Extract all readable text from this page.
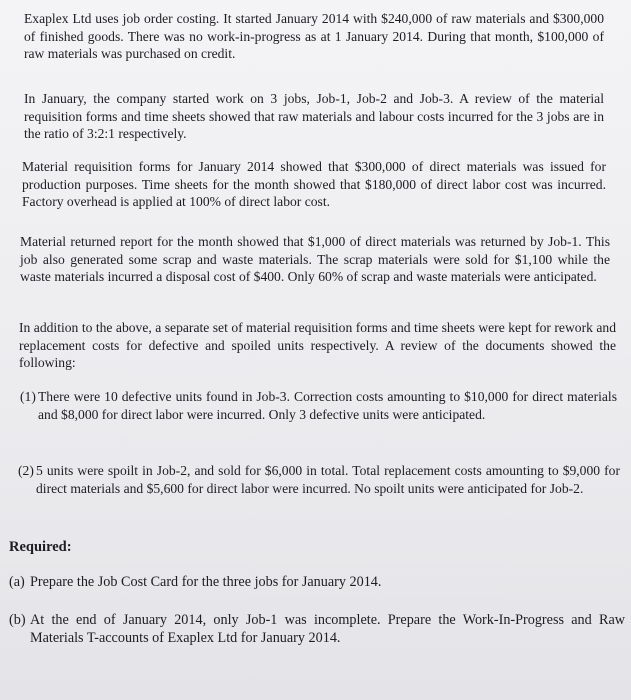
Exaplex Ltd uses job order costing. It started January 2014 with $240,000 of raw materials and $300,000 of finished goods. There was no work-in-progress as at 1 January 2014. During that month, $100,000 of raw materials was purchased on credit.

In January, the company started work on 3 jobs, Job-1, Job-2 and Job-3. A review of the material requisition forms and time sheets showed that raw materials and labour costs incurred for the 3 jobs are in the ratio of 3:2:1 respectively.

Material requisition forms for January 2014 showed that $300,000 of direct materials was issued for production purposes. Time sheets for the month showed that $180,000 of direct labor cost was incurred. Factory overhead is applied at 100% of direct labor cost.

Material returned report for the month showed that $1,000 of direct materials was returned by Job-1. This job also generated some scrap and waste materials. The scrap materials were sold for $1,100 while the waste materials incurred a disposal cost of $400. Only 60% of scrap and waste materials were anticipated.

In addition to the above, a separate set of material requisition forms and time sheets were kept for rework and replacement costs for defective and spoiled units respectively. A review of the documents showed the following:

(1) There were 10 defective units found in Job-3. Correction costs amounting to $10,000 for direct materials and $8,000 for direct labor were incurred. Only 3 defective units were anticipated.
(2) 5 units were spoilt in Job-2, and sold for $6,000 in total. Total replacement costs amounting to $9,000 for direct materials and $5,600 for direct labor were incurred. No spoilt units were anticipated for Job-2.

Required:

(a) Prepare the Job Cost Card for the three jobs for January 2014.
(b) At the end of January 2014, only Job-1 was incomplete. Prepare the Work-In-Progress and Raw Materials T-accounts of Exaplex Ltd for January 2014.
